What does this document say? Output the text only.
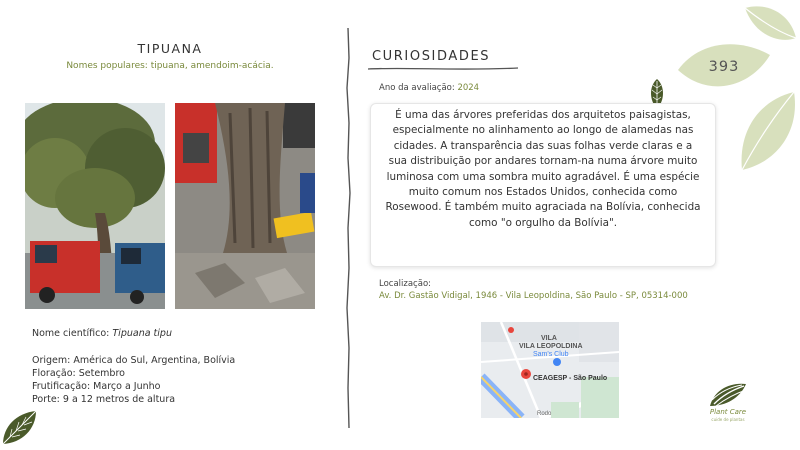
393
TIPUANA
Nomes populares: tipuana, amendoim-acácia.
Nome científico: Tipuana tipu
Origem: América do Sul, Argentina, Bolívia
Floração: Setembro
Frutificação: Março a Junho
Porte: 9 a 12 metros de altura
CURIOSIDADES
Ano da avaliação: 2024

É uma das árvores preferidas dos arquitetos paisagistas, especialmente no alinhamento ao longo de alamedas nas cidades. A transparência das suas folhas verde claras e a sua distribuição por andares tornam-na numa árvore muito luminosa com uma sombra muito agradável. É uma espécie muito comum nos Estados Unidos, conhecida como Rosewood. É também muito agraciada na Bolívia, conhecida como "o orgulho da Bolívia".

Localização:
Av. Dr. Gastão Vidigal, 1946 - Vila Leopoldina, São Paulo - SP, 05314-000
VILA
VILA LEOPOLDINA
Sam's Club
CEAGESP - São Paulo
Rodo	Plant Care
cuide de plantas
